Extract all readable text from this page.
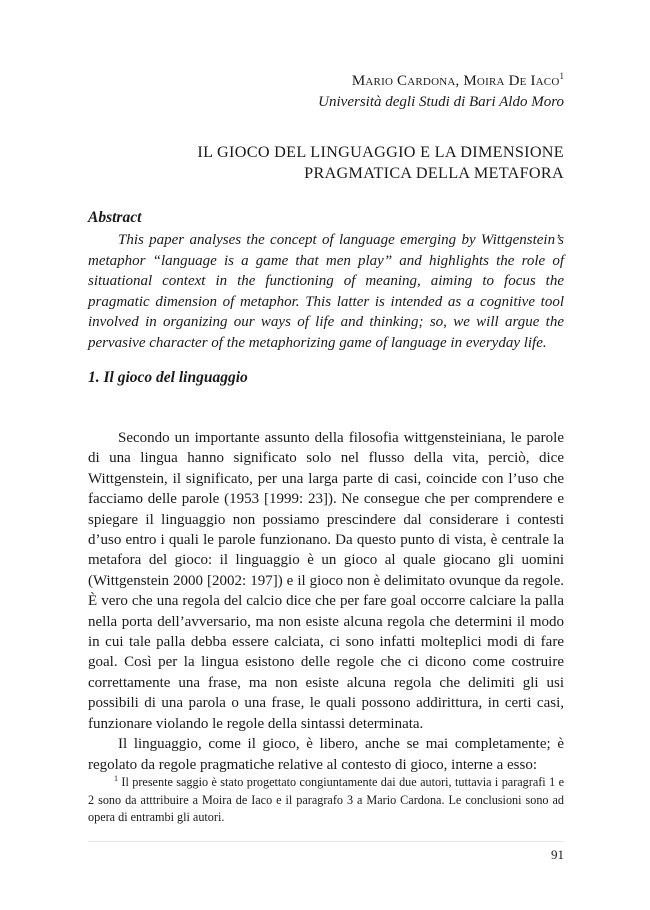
Mario Cardona, Moira De Iaco$^1$
Università degli Studi di Bari Aldo Moro
IL GIOCO DEL LINGUAGGIO E LA DIMENSIONE
PRAGMATICA DELLA METAFORA
Abstract

This paper analyses the concept of language emerging by Wittgenstein’s metaphor “language is a game that men play” and highlights the role of situational context in the functioning of meaning, aiming to focus the pragmatic dimension of metaphor. This latter is intended as a cognitive tool involved in organizing our ways of life and thinking; so, we will argue the pervasive character of the metaphorizing game of language in everyday life.

1. Il gioco del linguaggio

Secondo un importante assunto della filosofia wittgensteiniana, le parole di una lingua hanno significato solo nel flusso della vita, perciò, dice Wittgenstein, il significato, per una larga parte di casi, coincide con l’uso che facciamo delle parole (1953 [1999: 23]). Ne consegue che per comprendere e spiegare il linguaggio non possiamo prescindere dal considerare i contesti d’uso entro i quali le parole funzionano. Da questo punto di vista, è centrale la metafora del gioco: il linguaggio è un gioco al quale giocano gli uomini (Wittgenstein 2000 [2002: 197]) e il gioco non è delimitato ovunque da regole. È vero che una regola del calcio dice che per fare goal occorre calciare la palla nella porta dell’avversario, ma non esiste alcuna regola che determini il modo in cui tale palla debba essere calciata, ci sono infatti molteplici modi di fare goal. Così per la lingua esistono delle regole che ci dicono come costruire correttamente una frase, ma non esiste alcuna regola che delimiti gli usi possibili di una parola o una frase, le quali possono addirittura, in certi casi, funzionare violando le regole della sintassi determinata.

Il linguaggio, come il gioco, è libero, anche se mai completamente; è regolato da regole pragmatiche relative al contesto di gioco, interne a esso:

$^1$ Il presente saggio è stato progettato congiuntamente dai due autori, tuttavia i paragrafi 1 e 2 sono da atttribuire a Moira de Iaco e il paragrafo 3 a Mario Cardona. Le conclusioni sono ad opera di entrambi gli autori.

91
